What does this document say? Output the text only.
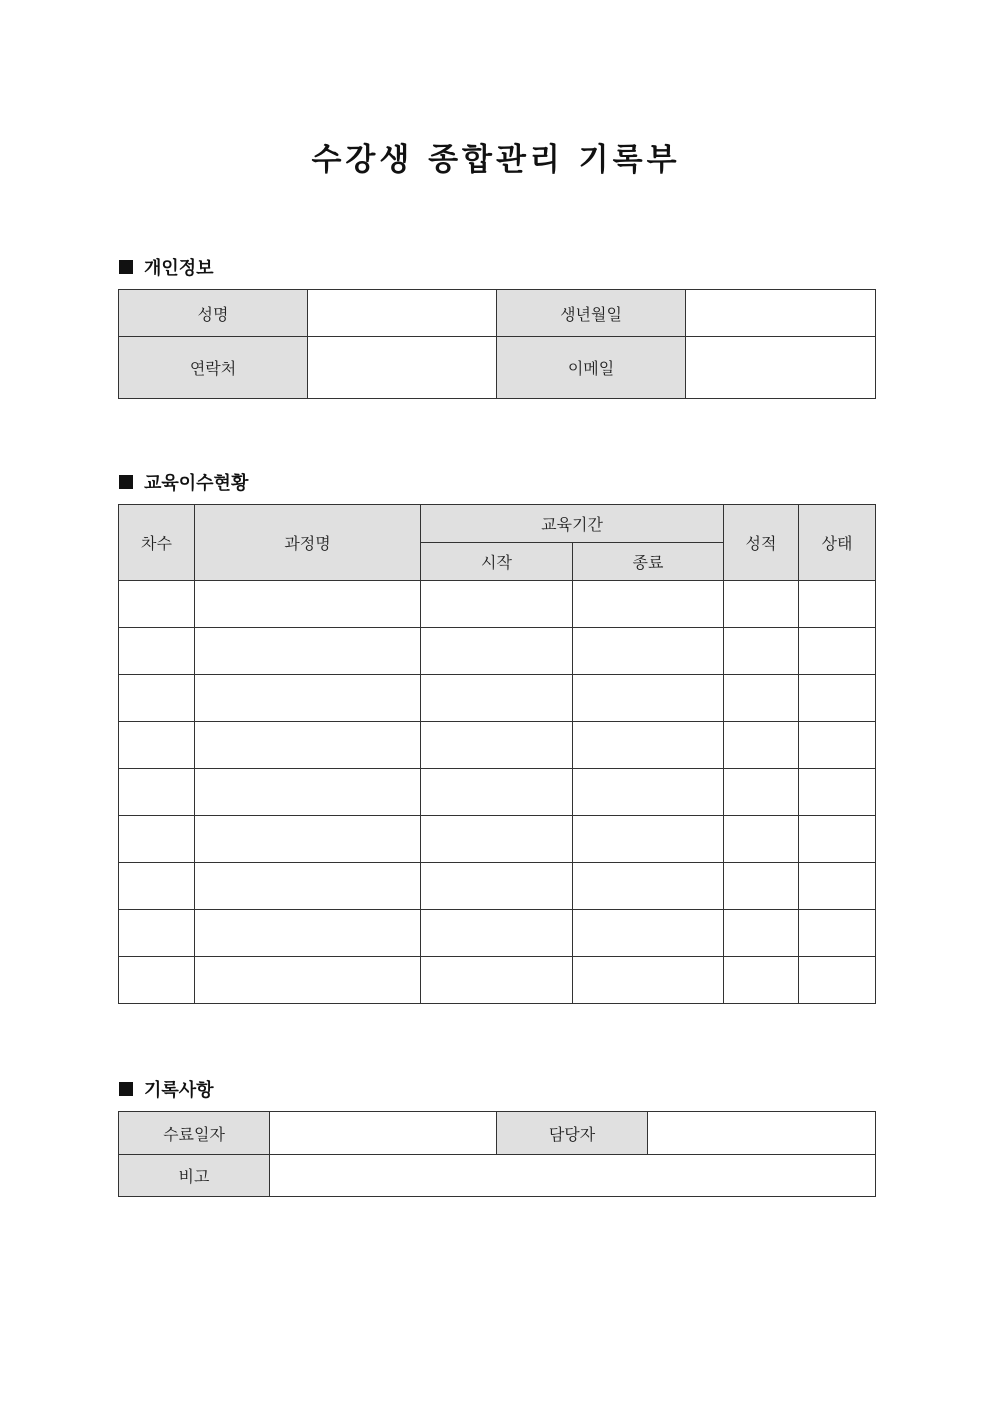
수강생 종합관리 기록부
개인정보
성명		생년월일	
연락처		이메일	
교육이수현황
차수	과정명	교육기간		성적	상태
		시작	종료		

기록사항
수료일자		담당자	
비고			
